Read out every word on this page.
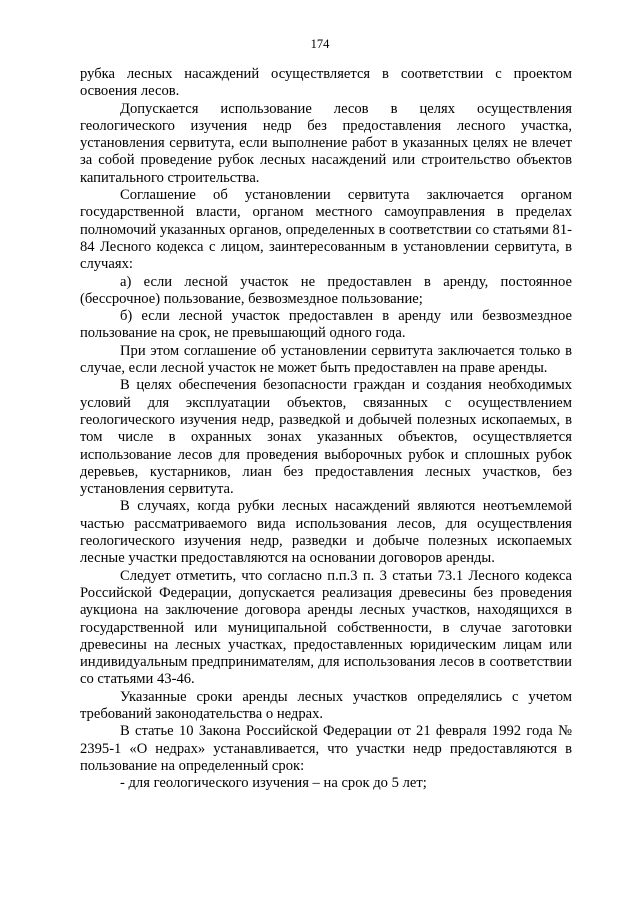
174

рубка лесных насаждений осуществляется в соответствии с проектом освоения лесов.

Допускается использование лесов в целях осуществления геологического изучения недр без предоставления лесного участка, установления сервитута, если выполнение работ в указанных целях не влечет за собой проведение рубок лесных насаждений или строительство объектов капитального строительства.

Соглашение об установлении сервитута заключается органом государственной власти, органом местного самоуправления в пределах полномочий указанных органов, определенных в соответствии со статьями 81-84 Лесного кодекса с лицом, заинтересованным в установлении сервитута, в случаях:

а) если лесной участок не предоставлен в аренду, постоянное (бессрочное) пользование, безвозмездное пользование;

б) если лесной участок предоставлен в аренду или безвозмездное пользование на срок, не превышающий одного года.

При этом соглашение об установлении сервитута заключается только в случае, если лесной участок не может быть предоставлен на праве аренды.

В целях обеспечения безопасности граждан и создания необходимых условий для эксплуатации объектов, связанных с осуществлением геологического изучения недр, разведкой и добычей полезных ископаемых, в том числе в охранных зонах указанных объектов, осуществляется использование лесов для проведения выборочных рубок и сплошных рубок деревьев, кустарников, лиан без предоставления лесных участков, без установления сервитута.

В случаях, когда рубки лесных насаждений являются неотъемлемой частью рассматриваемого вида использования лесов, для осуществления геологического изучения недр, разведки и добыче полезных ископаемых лесные участки предоставляются на основании договоров аренды.

Следует отметить, что согласно п.п.3 п. 3 статьи 73.1 Лесного кодекса Российской Федерации, допускается реализация древесины без проведения аукциона на заключение договора аренды лесных участков, находящихся в государственной или муниципальной собственности, в случае заготовки древесины на лесных участках, предоставленных юридическим лицам или индивидуальным предпринимателям, для использования лесов в соответствии со статьями 43-46.

Указанные сроки аренды лесных участков определялись с учетом требований законодательства о недрах.

В статье 10 Закона Российской Федерации от 21 февраля 1992 года № 2395-1 «О недрах» устанавливается, что участки недр предоставляются в пользование на определенный срок:

- для геологического изучения – на срок до 5 лет;
